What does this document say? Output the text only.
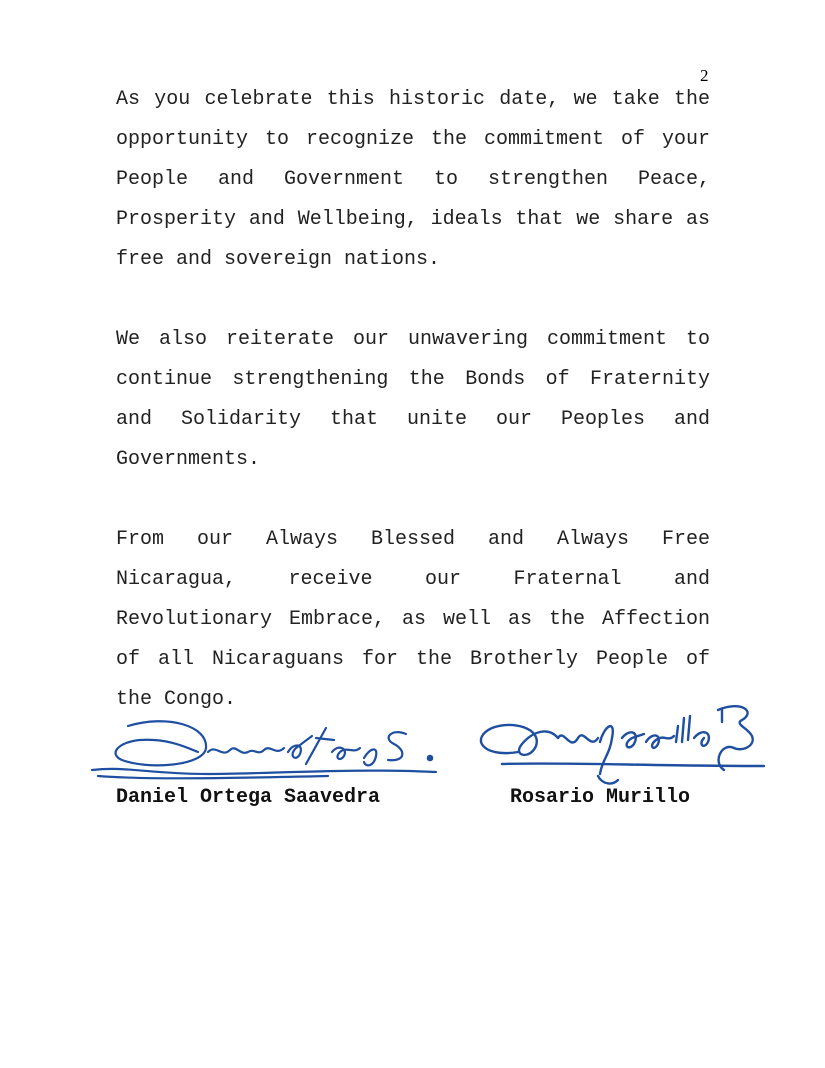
2

As you celebrate this historic date, we take the opportunity to recognize the commitment of your People and Government to strengthen Peace, Prosperity and Wellbeing, ideals that we share as free and sovereign nations.

We also reiterate our unwavering commitment to continue strengthening the Bonds of Fraternity and Solidarity that unite our Peoples and Governments.

From our Always Blessed and Always Free Nicaragua, receive our Fraternal and Revolutionary Embrace, as well as the Affection of all Nicaraguans for the Brotherly People of the Congo.

Daniel Ortega Saavedra	Rosario Murillo
